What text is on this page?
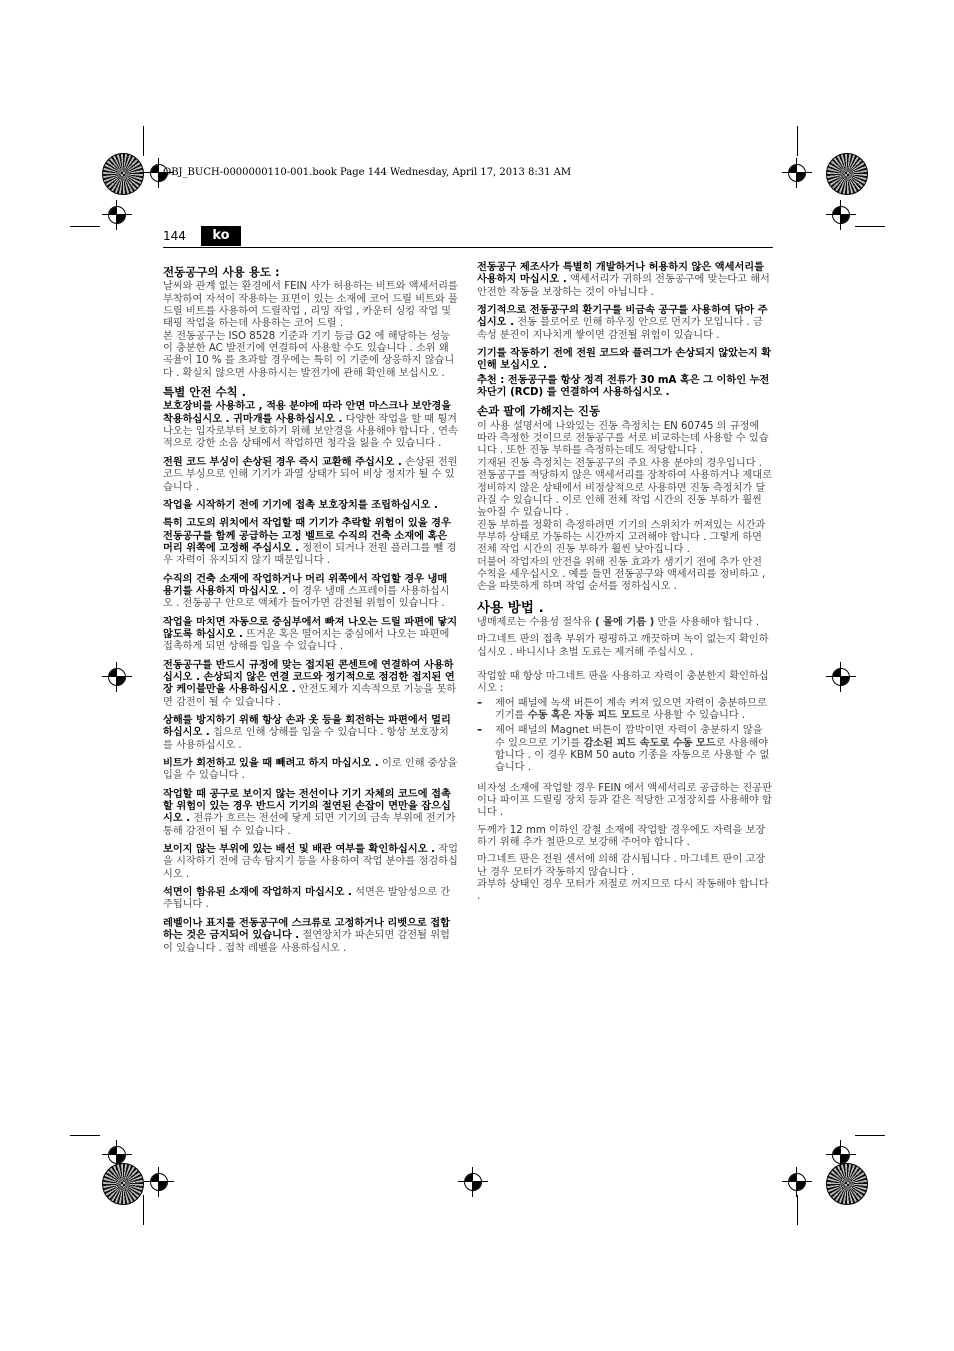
OBJ_BUCH-0000000110-001.book Page 144 Wednesday, April 17, 2013 8:31 AM
144	ko
전동공구의 사용 용도 :

날씨와 관계 없는 환경에서 FEIN 사가 허용하는 비트와 액세서리를 부착하여 자석이 작용하는 표면이 있는 소재에 코어 드릴 비트와 풀 드릴 비트를 사용하여 드릴작업 , 리밍 작업 , 카운터 싱킹 작업 및 태핑 작업을 하는데 사용하는 코어 드릴 .

본 전동공구는 ISO 8528 기준과 기기 등급 G2 에 해당하는 성능이 충분한 AC 발전기에 연결하여 사용할 수도 있습니다 . 소위 왜곡율이 10 % 를 초과할 경우에는 특히 이 기준에 상응하지 않습니다 . 확실치 않으면 사용하시는 발전기에 관해 확인해 보십시오 .

특별 안전 수칙 .

보호장비를 사용하고 , 적용 분야에 따라 안면 마스크나 보안경을 착용하십시오 . 귀마개를 사용하십시오 . 다양한 작업을 할 때 튕겨나오는 입자로부터 보호하기 위해 보안경을 사용해야 합니다 . 연속적으로 강한 소음 상태에서 작업하면 청각을 잃을 수 있습니다 .

전원 코드 부싱이 손상된 경우 즉시 교환해 주십시오 . 손상된 전원 코드 부싱으로 인해 기기가 과열 상태가 되어 비상 정지가 될 수 있습니다 .

작업을 시작하기 전에 기기에 접촉 보호장치를 조립하십시오 .

특히 고도의 위치에서 작업할 때 기기가 추락할 위험이 있을 경우 전동공구를 함께 공급하는 고정 벨트로 수직의 건축 소재에 혹은 머리 위쪽에 고정해 주십시오 . 정전이 되거나 전원 플러그를 뺄 경우 자력이 유지되지 않기 때문입니다 .

수직의 건축 소재에 작업하거나 머리 위쪽에서 작업할 경우 냉매 용기를 사용하지 마십시오 . 이 경우 냉매 스프레이를 사용하십시오 . 전동공구 안으로 액체가 들어가면 감전될 위험이 있습니다 .

작업을 마치면 자동으로 중심부에서 빠져 나오는 드릴 파편에 닿지 않도록 하십시오 . 뜨거운 혹은 떨어지는 중심에서 나오는 파편에 접촉하게 되면 상해를 입을 수 있습니다 .

전동공구를 반드시 규정에 맞는 접지된 콘센트에 연결하여 사용하십시오 . 손상되지 않은 연결 코드와 정기적으로 점검한 접지된 연장 케이블만을 사용하십시오 . 안전도체가 지속적으로 기능을 못하면 감전이 될 수 있습니다 .

상해를 방지하기 위해 항상 손과 옷 등을 회전하는 파편에서 멀리 하십시오 . 칩으로 인해 상해를 입을 수 있습니다 . 항상 보호장치를 사용하십시오 .

비트가 회전하고 있을 때 빼려고 하지 마십시오 . 이로 인해 중상을 입을 수 있습니다 .

작업할 때 공구로 보이지 않는 전선이나 기기 자체의 코드에 접촉할 위험이 있는 경우 반드시 기기의 절연된 손잡이 면만을 잡으십시오 . 전류가 흐르는 전선에 닿게 되면 기기의 금속 부위에 전기가 통해 감전이 될 수 있습니다 .

보이지 않는 부위에 있는 배선 및 배관 여부를 확인하십시오 . 작업을 시작하기 전에 금속 탐지기 등을 사용하여 작업 분야를 점검하십시오 .

석면이 함유된 소재에 작업하지 마십시오 . 석면은 발암성으로 간주됩니다 .

레벨이나 표지를 전동공구에 스크류로 고정하거나 리벳으로 접합하는 것은 금지되어 있습니다 . 절연장치가 파손되면 감전될 위험이 있습니다 . 접착 레벨을 사용하십시오 .

전동공구 제조사가 특별히 개발하거나 허용하지 않은 액세서리를 사용하지 마십시오 . 액세서리가 귀하의 전동공구에 맞는다고 해서 안전한 작동을 보장하는 것이 아닙니다 .

정기적으로 전동공구의 환기구를 비금속 공구를 사용하여 닦아 주십시오 . 전동 블로어로 인해 하우징 안으로 먼지가 모입니다 . 금속성 분진이 지나치게 쌓이면 감전될 위험이 있습니다 .

기기를 작동하기 전에 전원 코드와 플러그가 손상되지 않았는지 확인해 보십시오 .

추천 : 전동공구를 항상 정격 전류가 30 mA 혹은 그 이하인 누전 차단기 (RCD) 를 연결하여 사용하십시오 .

손과 팔에 가해지는 진동

이 사용 설명서에 나와있는 진동 측정치는 EN 60745 의 규정에 따라 측정한 것이므로 전동공구를 서로 비교하는데 사용할 수 있습니다 . 또한 진동 부하를 측정하는데도 적당합니다 .

기재된 진동 측정치는 전동공구의 주요 사용 분야의 경우입니다 . 전동공구를 적당하지 않은 액세서리를 장착하여 사용하거나 제대로 정비하지 않은 상태에서 비정상적으로 사용하면 진동 측정치가 달라질 수 있습니다 . 이로 인해 전체 작업 시간의 진동 부하가 훨씬 높아질 수 있습니다 .

진동 부하를 정확히 측정하려면 기기의 스위치가 꺼져있는 시간과 무부하 상태로 가동하는 시간까지 고려해야 합니다 . 그렇게 하면 전체 작업 시간의 진동 부하가 훨씬 낮아집니다 .

더불어 작업자의 안전을 위해 진동 효과가 생기기 전에 추가 안전 수칙을 세우십시오 . 예를 들면 전동공구와 액세서리를 정비하고 , 손을 따뜻하게 하며 작업 순서를 정하십시오 .

사용 방법 .

냉매제로는 수용성 절삭유 ( 몰에 기름 ) 만을 사용해야 합니다 .

마그네트 판의 접촉 부위가 평평하고 깨끗하며 녹이 없는지 확인하십시오 . 바니시나 초벌 도료는 제거해 주십시오 .

작업할 때 항상 마그네트 판을 사용하고 자력이 충분한지 확인하십시오 :

– 제어 패널에 녹색 버튼이 계속 켜져 있으면 자력이 충분하므로 기기를 수동 혹은 자동 피드 모드로 사용할 수 있습니다 .
– 제어 패널의 Magnet 버튼이 깜박이면 자력이 충분하지 않을 수 있으므로 기기를 감소된 피드 속도로 수동 모드로 사용해야 합니다 . 이 경우 KBM 50 auto 기종을 자동으로 사용할 수 없습니다 .

비자성 소재에 작업할 경우 FEIN 에서 액세서리로 공급하는 진공판이나 파이프 드릴링 장치 등과 같은 적당한 고정장치를 사용해야 합니다 .

두께가 12 mm 이하인 강철 소재에 작업할 경우에도 자력을 보장하기 위해 추가 철판으로 보강해 주어야 합니다 .

마그네트 판은 전원 센서에 의해 감시됩니다 . 마그네트 판이 고장난 경우 모터가 작동하지 않습니다 .

과부하 상태인 경우 모터가 저절로 꺼지므로 다시 작동해야 합니다 .
